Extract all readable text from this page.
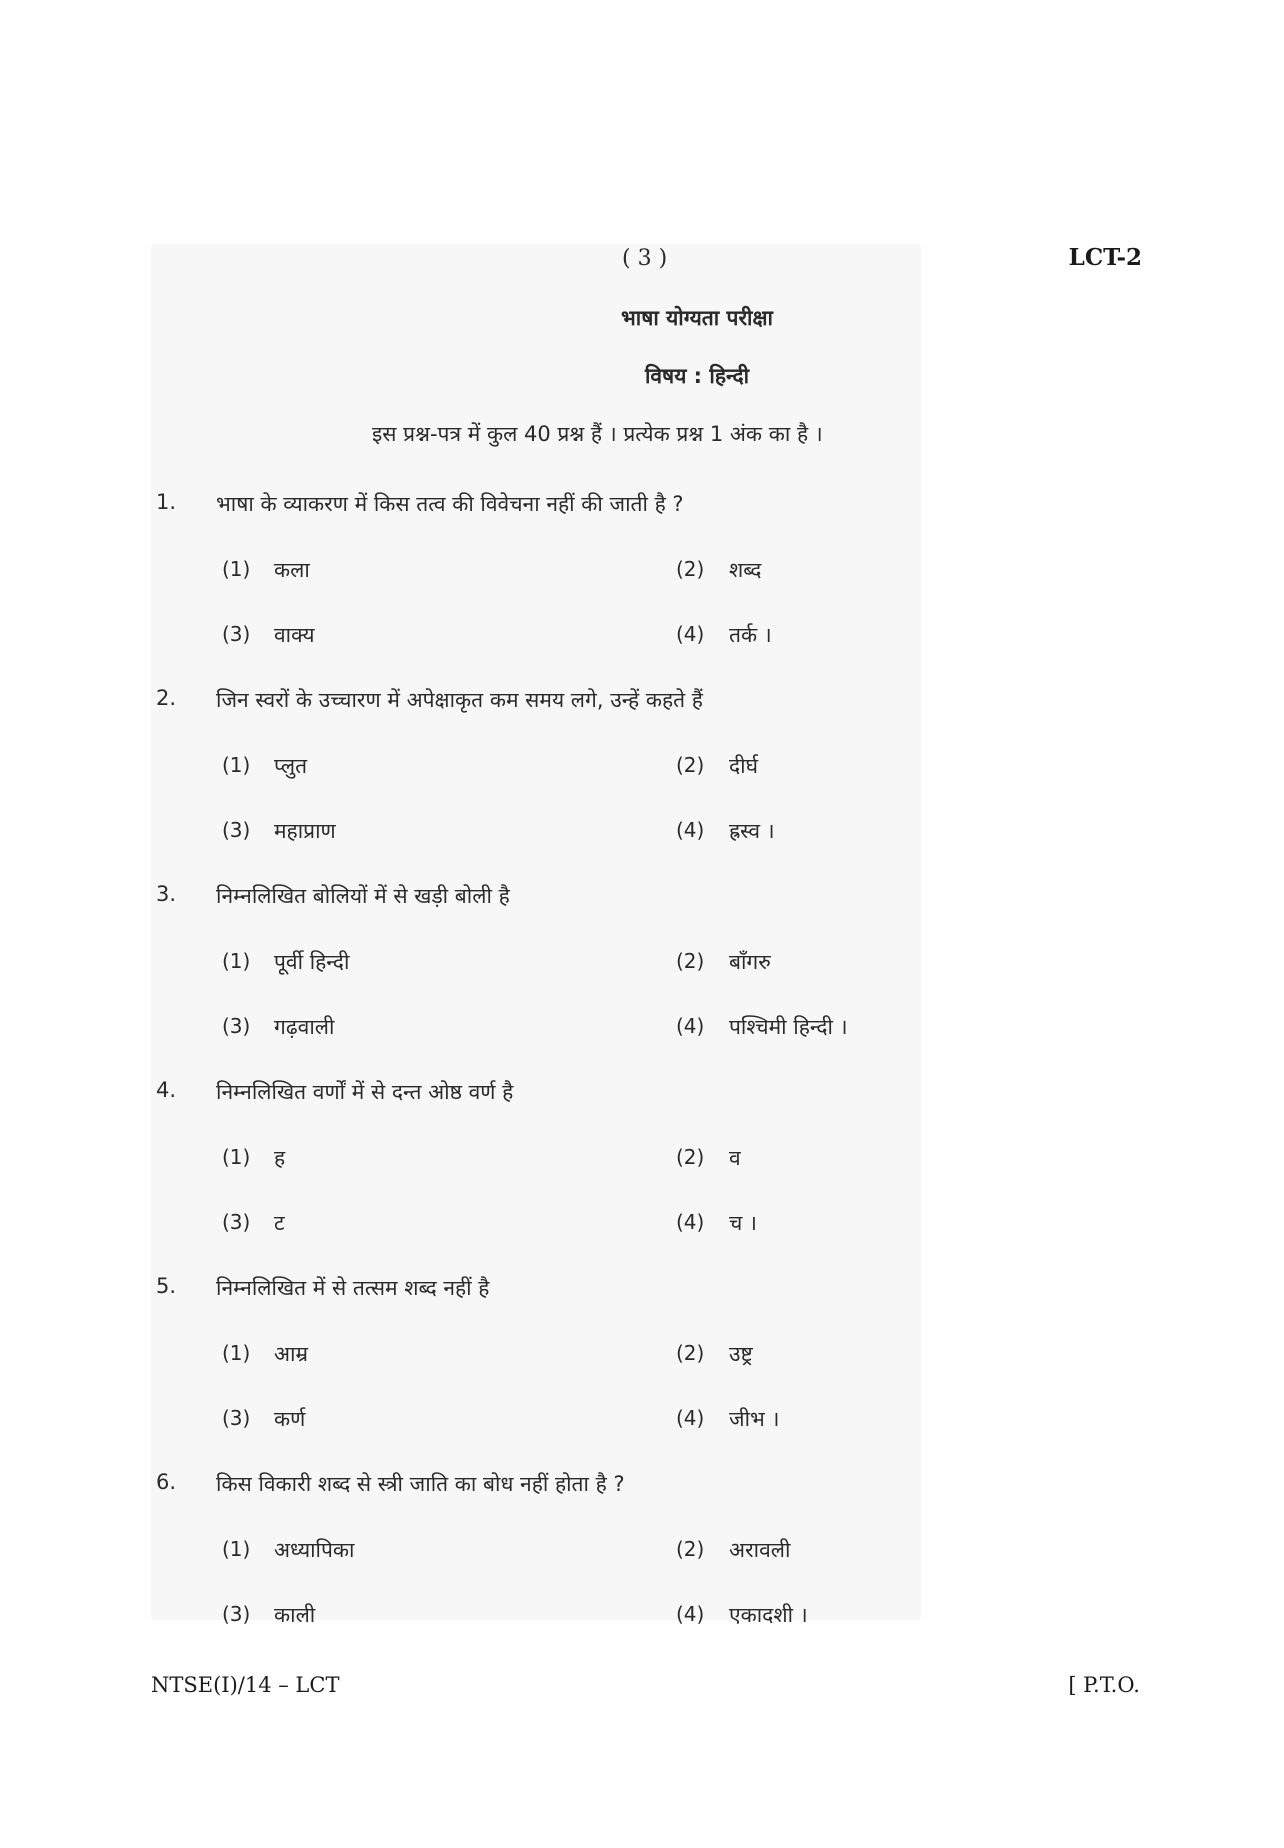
( 3 )	LCT-2
भाषा योग्यता परीक्षा
विषय : हिन्दी
इस प्रश्न-पत्र में कुल 40 प्रश्न हैं । प्रत्येक प्रश्न 1 अंक का है ।
1. भाषा के व्याकरण में किस तत्व की विवेचना नहीं की जाती है ?
(1) कला	(2) शब्द
(3) वाक्य	(4) तर्क ।
2. जिन स्वरों के उच्चारण में अपेक्षाकृत कम समय लगे, उन्हें कहते हैं
(1) प्लुत	(2) दीर्घ
(3) महाप्राण	(4) ह्रस्व ।
3. निम्नलिखित बोलियों में से खड़ी बोली है
(1) पूर्वी हिन्दी	(2) बाँगरु
(3) गढ़वाली	(4) पश्चिमी हिन्दी ।
4. निम्नलिखित वर्णों में से दन्त ओष्ठ वर्ण है
(1) ह	(2) व
(3) ट	(4) च ।
5. निम्नलिखित में से तत्सम शब्द नहीं है
(1) आम्र	(2) उष्ट्र
(3) कर्ण	(4) जीभ ।
6. किस विकारी शब्द से स्त्री जाति का बोध नहीं होता है ?
(1) अध्यापिका	(2) अरावली
(3) काली	(4) एकादशी ।
NTSE(I)/14 – LCT	[ P.T.O.
